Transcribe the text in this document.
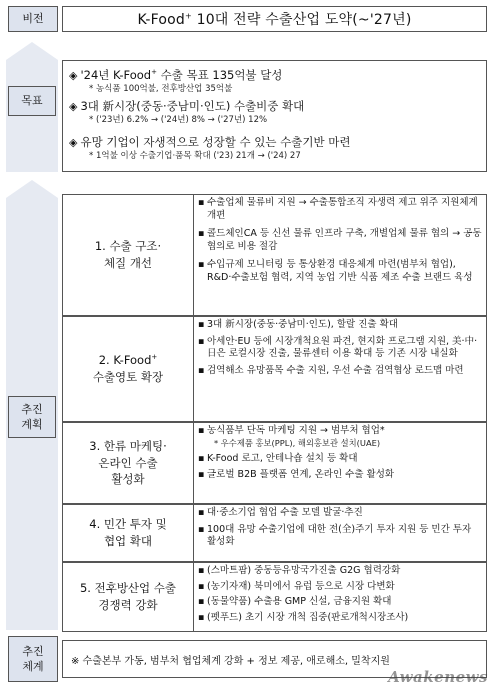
비전	K-Food+ 10대 전략 수출산업 도약(~'27년)
목표
◈ '24년 K-Food+ 수출 목표 135억불 달성
* 농식품 100억불, 전후방산업 35억불
◈ 3대 新시장(중동·중남미·인도) 수출비중 확대
* ('23년) 6.2% → ('24년) 8% → ('27년) 12%
◈ 유망 기업이 자생적으로 성장할 수 있는 수출기반 마련
* 1억불 이상 수출기업·품목 확대 ('23) 21개 → ('24) 27
추진
계획
1. 수출 구조·
체질 개선
▪ 수출업체 물류비 지원 → 수출통합조직 자생력 제고 위주 지원체계 개편
▪ 콜드체인CA 등 신선 물류 인프라 구축, 개별업체 물류 협의 → 공동 협의로 비용 절감
▪ 수입규제 모니터링 등 통상환경 대응체계 마련(범부처 협업), R&D·수출보험 협력, 지역 농업 기반 식품 제조 수출 브랜드 육성
2. K-Food+
수출영토 확장
▪ 3대 新시장(중동·중남미·인도), 할랄 진출 확대
▪ 아세안·EU 등에 시장개척요원 파견, 현지화 프로그램 지원, 美·中·日은 로컬시장 진출, 물류센터 이용 확대 등 기존 시장 내실화
▪ 검역해소 유망품목 수출 지원, 우선 수출 검역협상 로드맵 마련
3. 한류 마케팅·
온라인 수출
활성화
▪ 농식품부 단독 마케팅 지원 → 범부처 협업*
* 우수제품 홍보(PPL), 해외홍보관 설치(UAE)
▪ K-Food 로고, 안테나숍 설치 등 확대
▪ 글로벌 B2B 플랫폼 연계, 온라인 수출 활성화
4. 민간 투자 및
협업 확대
▪ 대·중소기업 협업 수출 모델 발굴·추진
▪ 100대 유망 수출기업에 대한 전(全)주기 투자 지원 등 민간 투자 활성화
5. 전후방산업 수출
경쟁력 강화
▪ (스마트팜) 중동등유망국가진출 G2G 협력강화
▪ (농기자재) 북미에서 유럽 등으로 시장 다변화
▪ (동물약품) 수출용 GMP 신설, 금융지원 확대
▪ (펫푸드) 초기 시장 개척 집중(판로개척시장조사)
추진
체계	※ 수출본부 가동, 범부처 협업체계 강화 + 정보 제공, 애로해소, 밀착지원
Awakenews
